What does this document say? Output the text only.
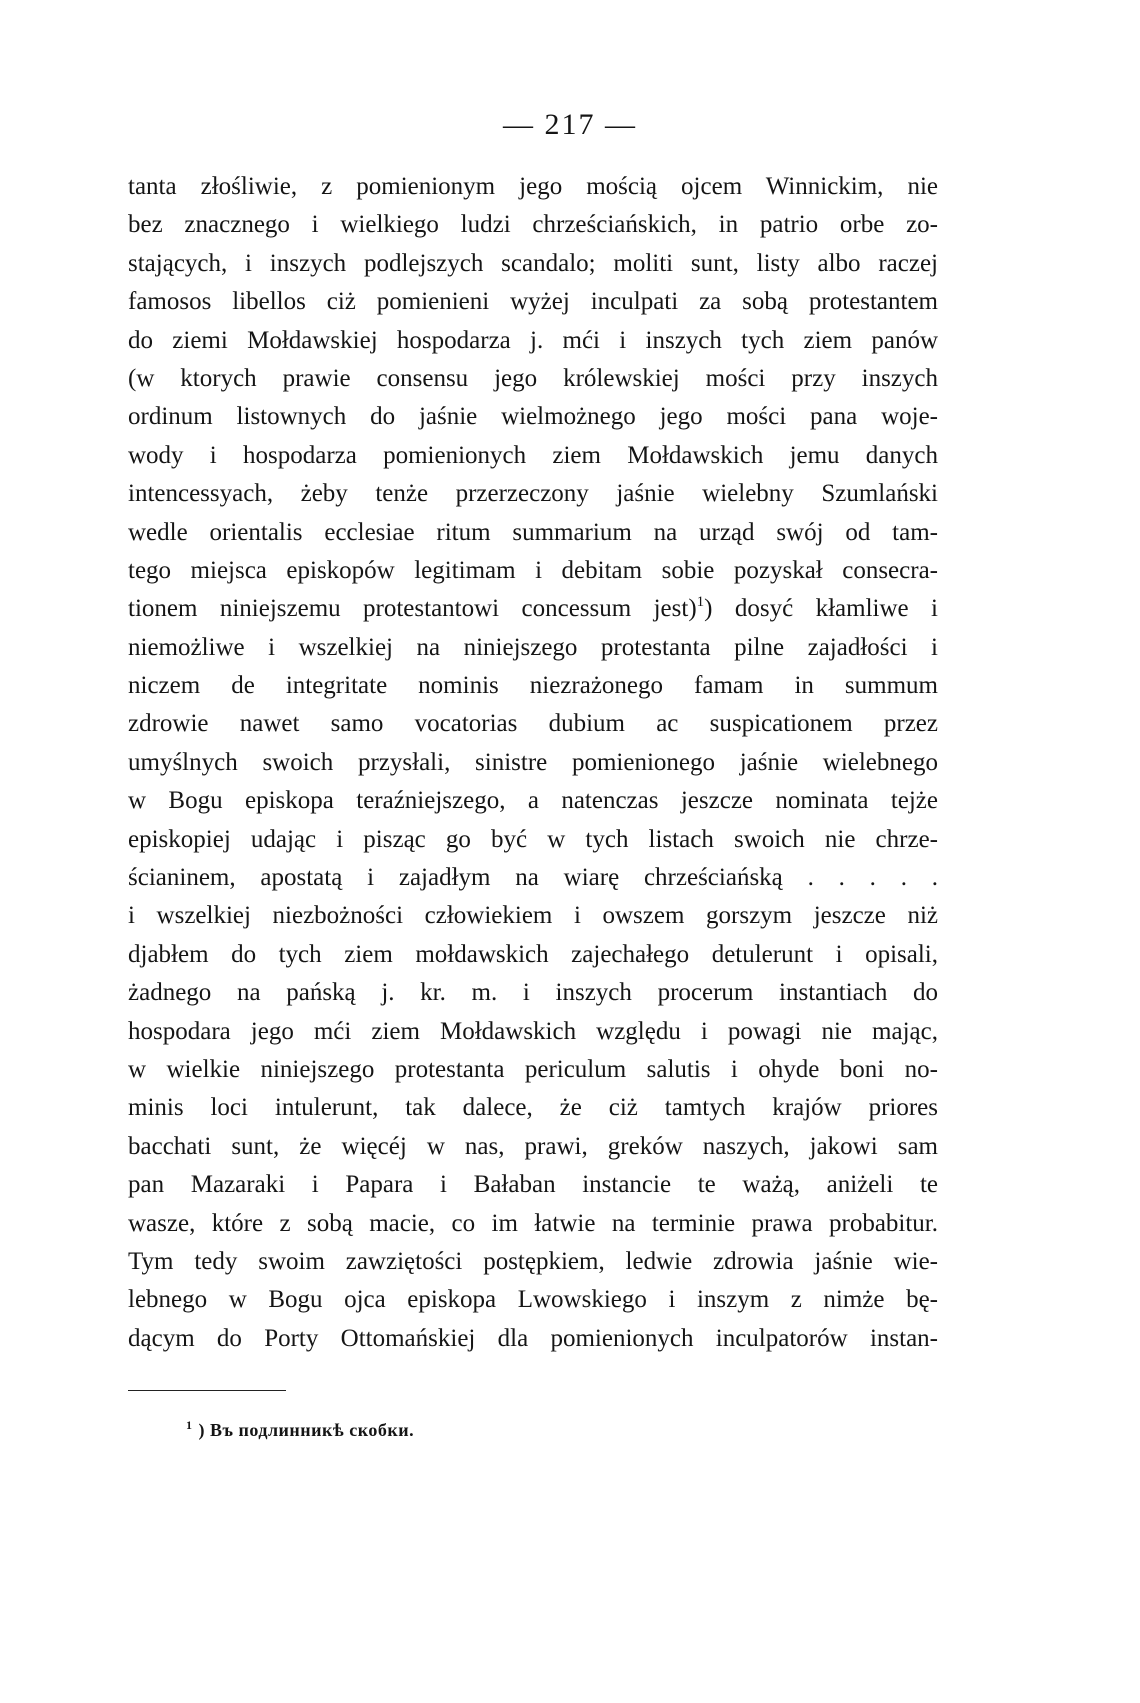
— 217 —
tanta złośliwie, z pomienionym jego mością ojcem Winnickim, nie
bez znacznego i wielkiego ludzi chrześciańskich, in patrio orbe zo-
stających, i inszych podlejszych scandalo; moliti sunt, listy albo raczej
famosos libellos ciż pomienieni wyżej inculpati za sobą protestantem
do ziemi Mołdawskiej hospodarza j. mći i inszych tych ziem panów
(w ktorych prawie consensu jego królewskiej mości przy inszych
ordinum listownych do jaśnie wielmożnego jego mości pana woje-
wody i hospodarza pomienionych ziem Mołdawskich jemu danych
intencessyach, żeby tenże przerzeczony jaśnie wielebny Szumlański
wedle orientalis ecclesiae ritum summarium na urząd swój od tam-
tego miejsca episkopów legitimam i debitam sobie pozyskał consecra-
tionem niniejszemu protestantowi concessum jest)$^1$) dosyć kłamliwe i
niemożliwe i wszelkiej na niniejszego protestanta pilne zajadłości i
niczem de integritate nominis niezrażonego famam in summum
zdrowie nawet samo vocatorias dubium ac suspicationem przez
umyślnych swoich przysłali, sinistre pomienionego jaśnie wielebnego
w Bogu episkopa teraźniejszego, a natenczas jeszcze nominata tejże
episkopiej udając i pisząc go być w tych listach swoich nie chrze-
ścianinem, apostatą i zajadłym na wiarę chrześciańską . . . . .
i wszelkiej niezbożności człowiekiem i owszem gorszym jeszcze niż
djabłem do tych ziem mołdawskich zajechałego detulerunt i opisali,
żadnego na pańską j. kr. m. i inszych procerum instantiach do
hospodara jego mći ziem Mołdawskich względu i powagi nie mając,
w wielkie niniejszego protestanta periculum salutis i ohyde boni no-
minis loci intulerunt, tak dalece, że ciż tamtych krajów priores
bacchati sunt, że więcéj w nas, prawi, greków naszych, jakowi sam
pan Mazaraki i Papara i Bałaban instancie te ważą, aniżeli te
wasze, które z sobą macie, co im łatwie na terminie prawa probabitur.
Tym tedy swoim zawziętości postępkiem, ledwie zdrowia jaśnie wie-
lebnego w Bogu ojca episkopa Lwowskiego i inszym z nimże bę-
dącym do Porty Ottomańskiej dla pomienionych inculpatorów instan-
$^1$ ) Въ подлинникѣ скобки.
